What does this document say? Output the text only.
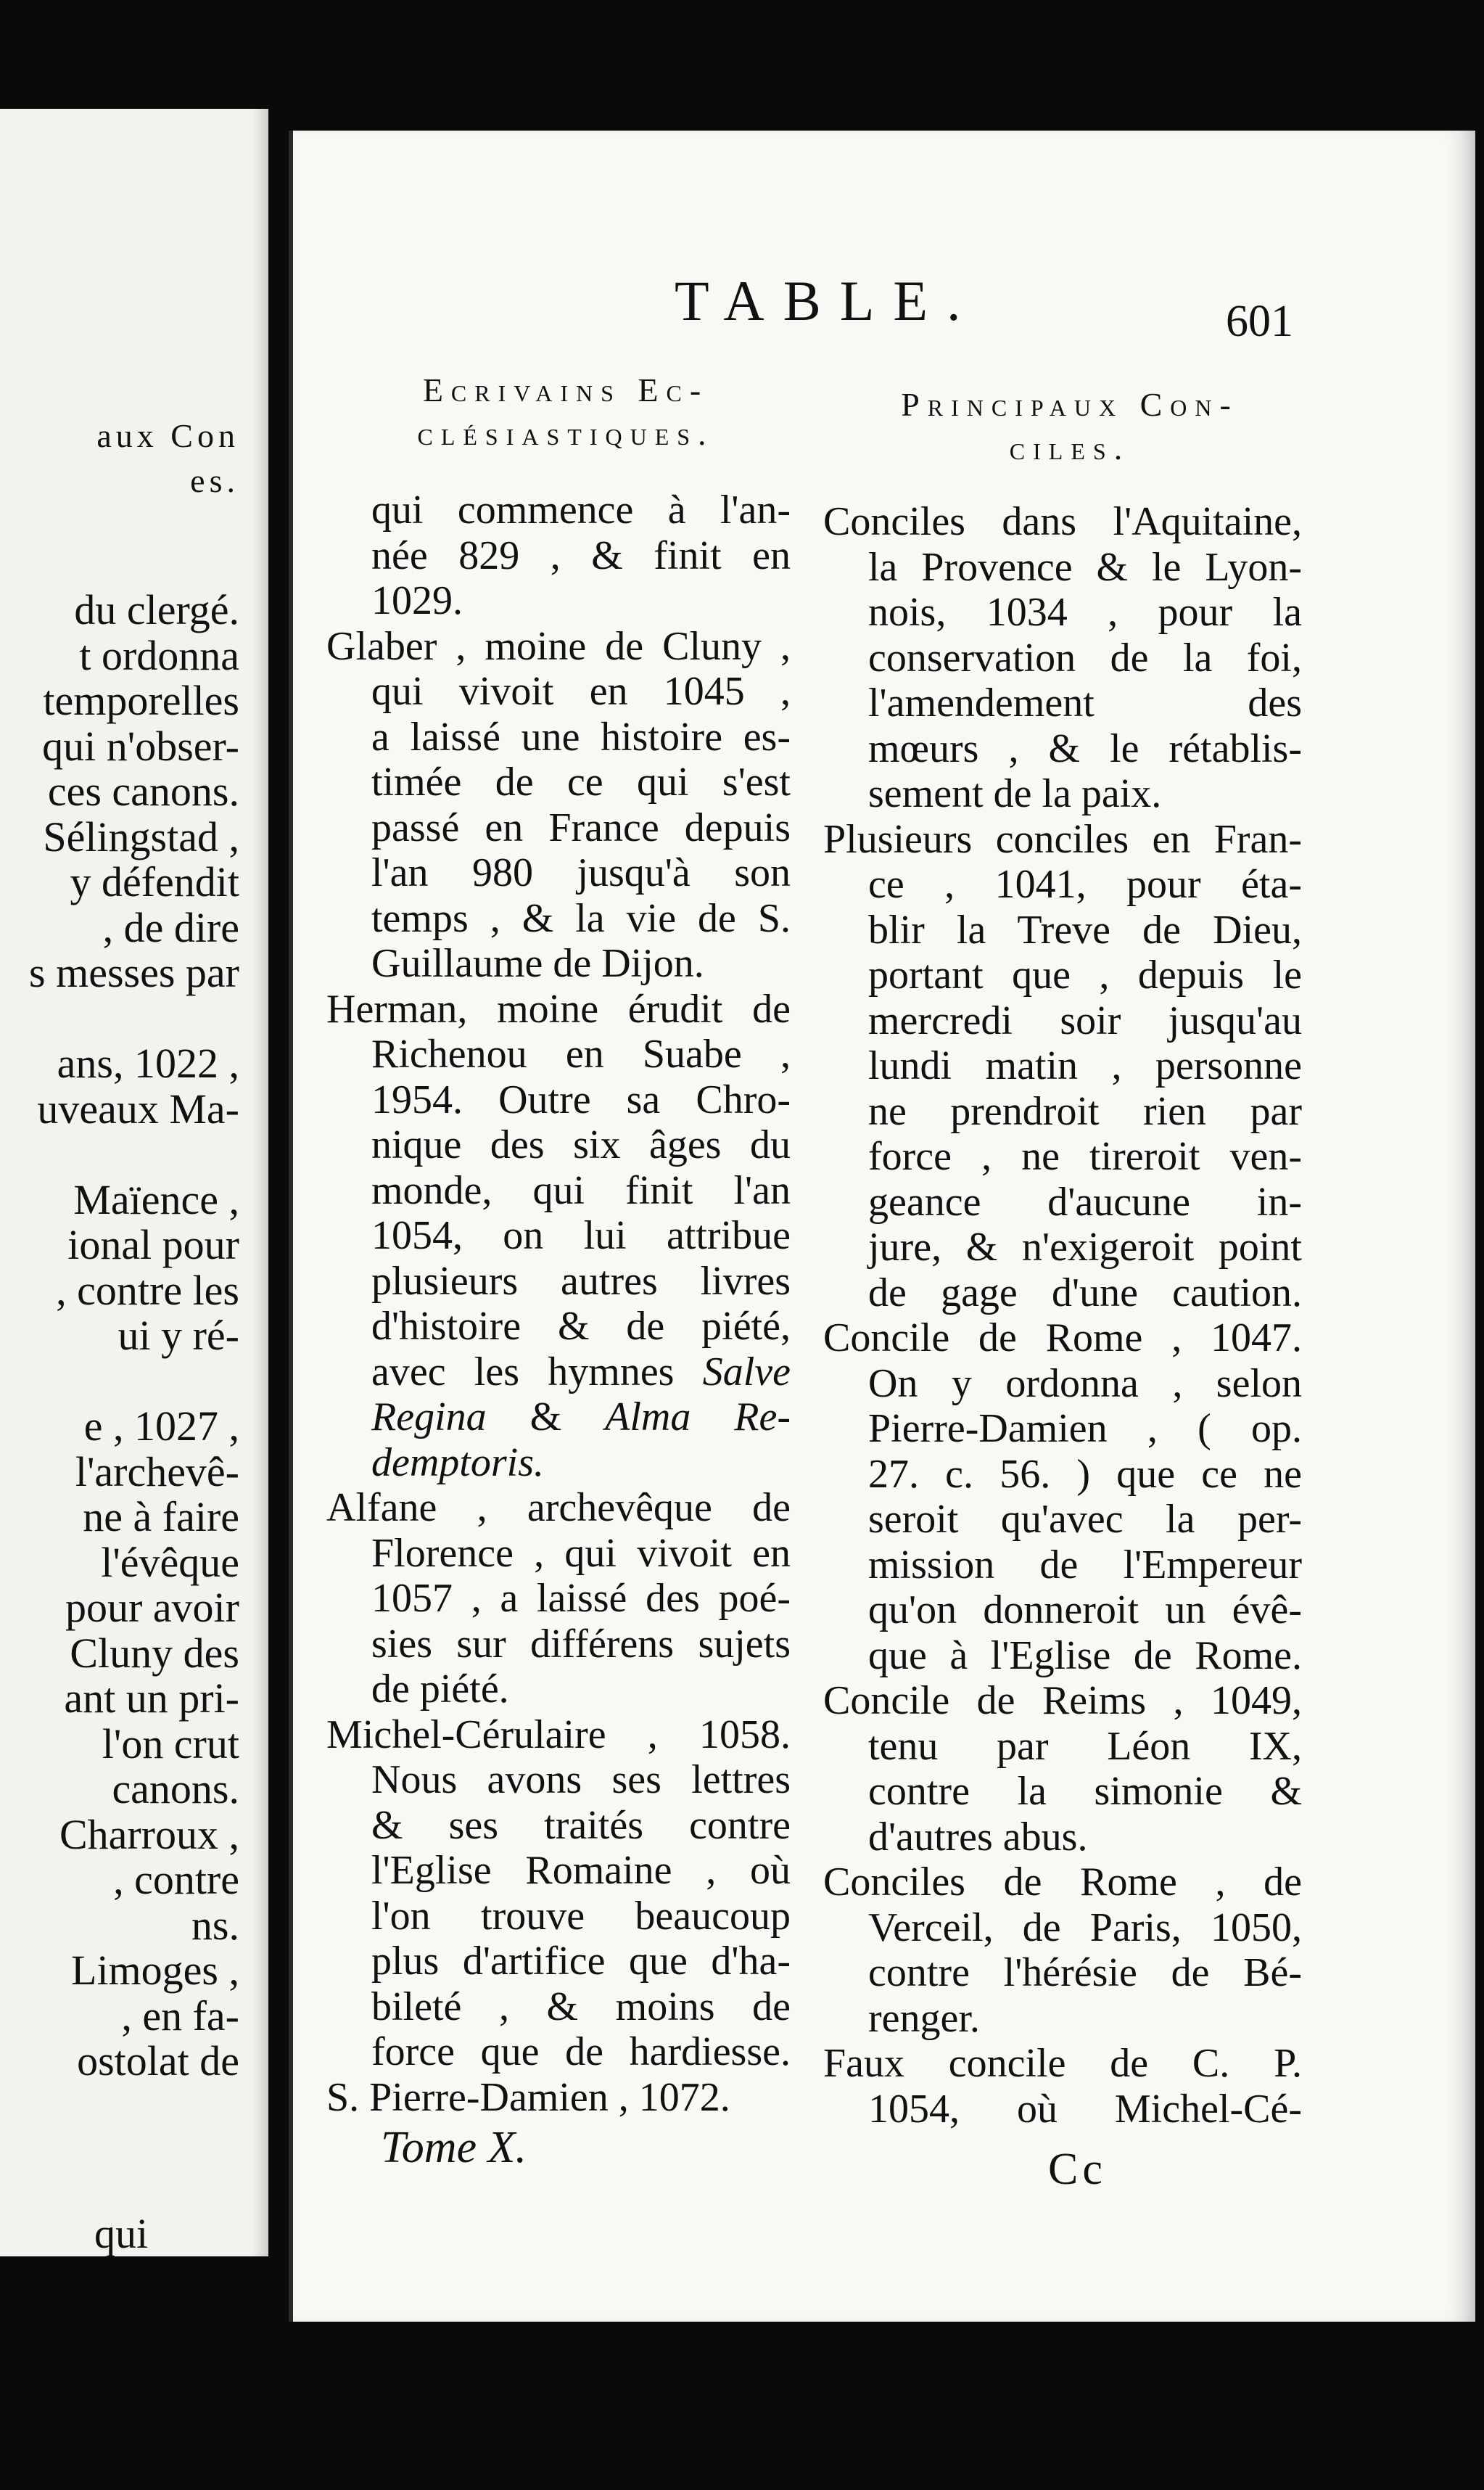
aux Con
es.
du clergé.
t ordonna
temporelles
qui n'obser-
ces canons.
Sélingstad ,
y défendit
, de dire
s messes par
ans, 1022 ,
uveaux Ma-
Maïence ,
ional pour
, contre les
ui y ré-
e , 1027 ,
l'archevê-
ne à faire
l'évêque
pour avoir
Cluny des
ant un pri-
l'on crut
canons.
Charroux ,
, contre
ns.
Limoges ,
, en fa-
ostolat de
qui
TABLE.	601
Ecrivains Ec-
clésiastiques.
Principaux Con-
ciles.
qui commence à l'an-
née 829 , & finit en
1029.
Glaber , moine de Cluny ,
qui vivoit en 1045 ,
a laissé une histoire es-
timée de ce qui s'est
passé en France depuis
l'an 980 jusqu'à son
temps , & la vie de S.
Guillaume de Dijon.
Herman, moine érudit de
Richenou en Suabe ,
1954. Outre sa Chro-
nique des six âges du
monde, qui finit l'an
1054, on lui attribue
plusieurs autres livres
d'histoire & de piété,
avec les hymnes Salve
Regina & Alma Re-
demptoris.
Alfane , archevêque de
Florence , qui vivoit en
1057 , a laissé des poé-
sies sur différens sujets
de piété.
Michel-Cérulaire , 1058.
Nous avons ses lettres
& ses traités contre
l'Eglise Romaine , où
l'on trouve beaucoup
plus d'artifice que d'ha-
bileté , & moins de
force que de hardiesse.
S. Pierre-Damien , 1072.
Conciles dans l'Aquitaine,
la Provence & le Lyon-
nois, 1034 , pour la
conservation de la foi,
l'amendement des
mœurs , & le rétablis-
sement de la paix.
Plusieurs conciles en Fran-
ce , 1041, pour éta-
blir la Treve de Dieu,
portant que , depuis le
mercredi soir jusqu'au
lundi matin , personne
ne prendroit rien par
force , ne tireroit ven-
geance d'aucune in-
jure, & n'exigeroit point
de gage d'une caution.
Concile de Rome , 1047.
On y ordonna , selon
Pierre-Damien , ( op.
27. c. 56. ) que ce ne
seroit qu'avec la per-
mission de l'Empereur
qu'on donneroit un évê-
que à l'Eglise de Rome.
Concile de Reims , 1049,
tenu par Léon IX,
contre la simonie &
d'autres abus.
Conciles de Rome , de
Verceil, de Paris, 1050,
contre l'hérésie de Bé-
renger.
Faux concile de C. P.
1054, où Michel-Cé-
Tome X.	Cc
